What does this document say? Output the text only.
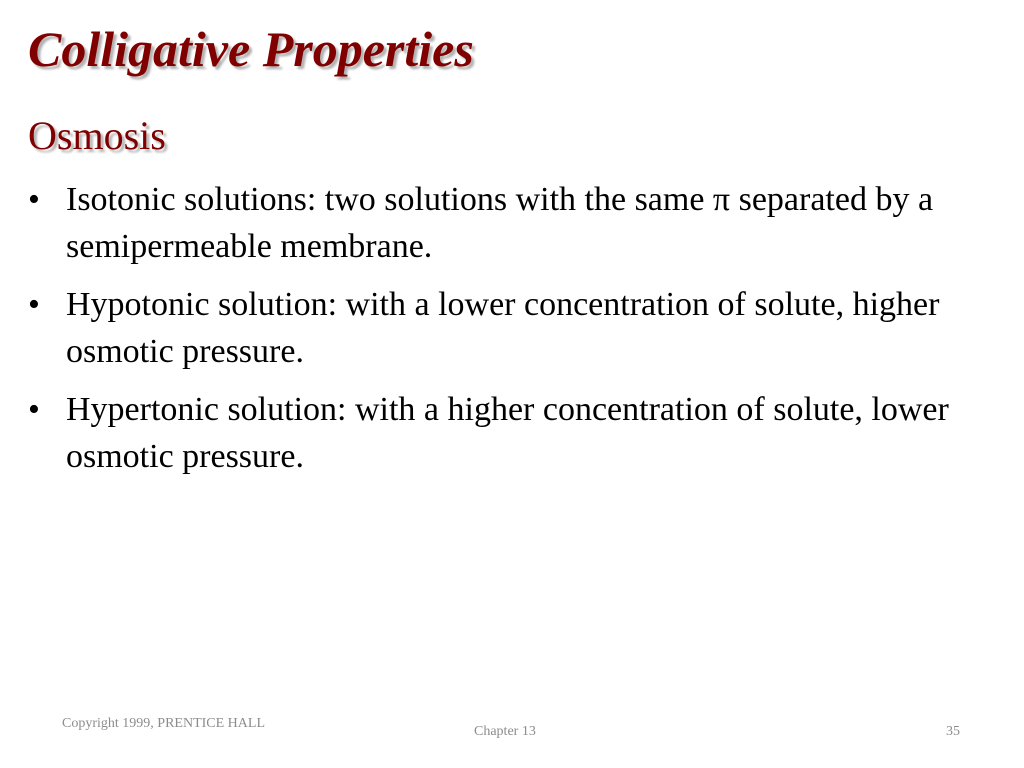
Colligative Properties
Osmosis
• Isotonic solutions: two solutions with the same π separated by a semipermeable membrane.
• Hypotonic solution: with a lower concentration of solute, higher osmotic pressure.
• Hypertonic solution: with a higher concentration of solute, lower osmotic pressure.
Copyright 1999, PRENTICE HALL
Chapter 13	35
